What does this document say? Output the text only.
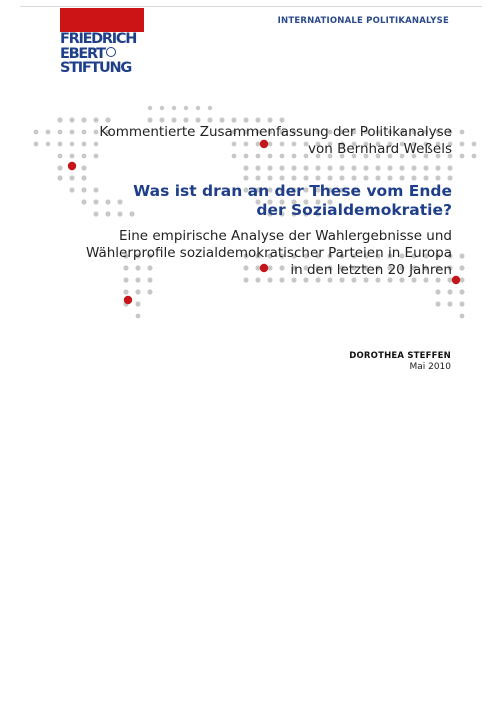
INTERNATIONALE POLITIKANALYSE
FRIEDRICH
EBERT
STIFTUNG
Kommentierte Zusammenfassung der Politikanalyse
von Bernhard Weßels
Was ist dran an der These vom Ende
der Sozialdemokratie?
Eine empirische Analyse der Wahlergebnisse und
Wählerprofile sozialdemokratischer Parteien in Europa
in den letzten 20 Jahren
DOROTHEA STEFFEN
Mai 2010
